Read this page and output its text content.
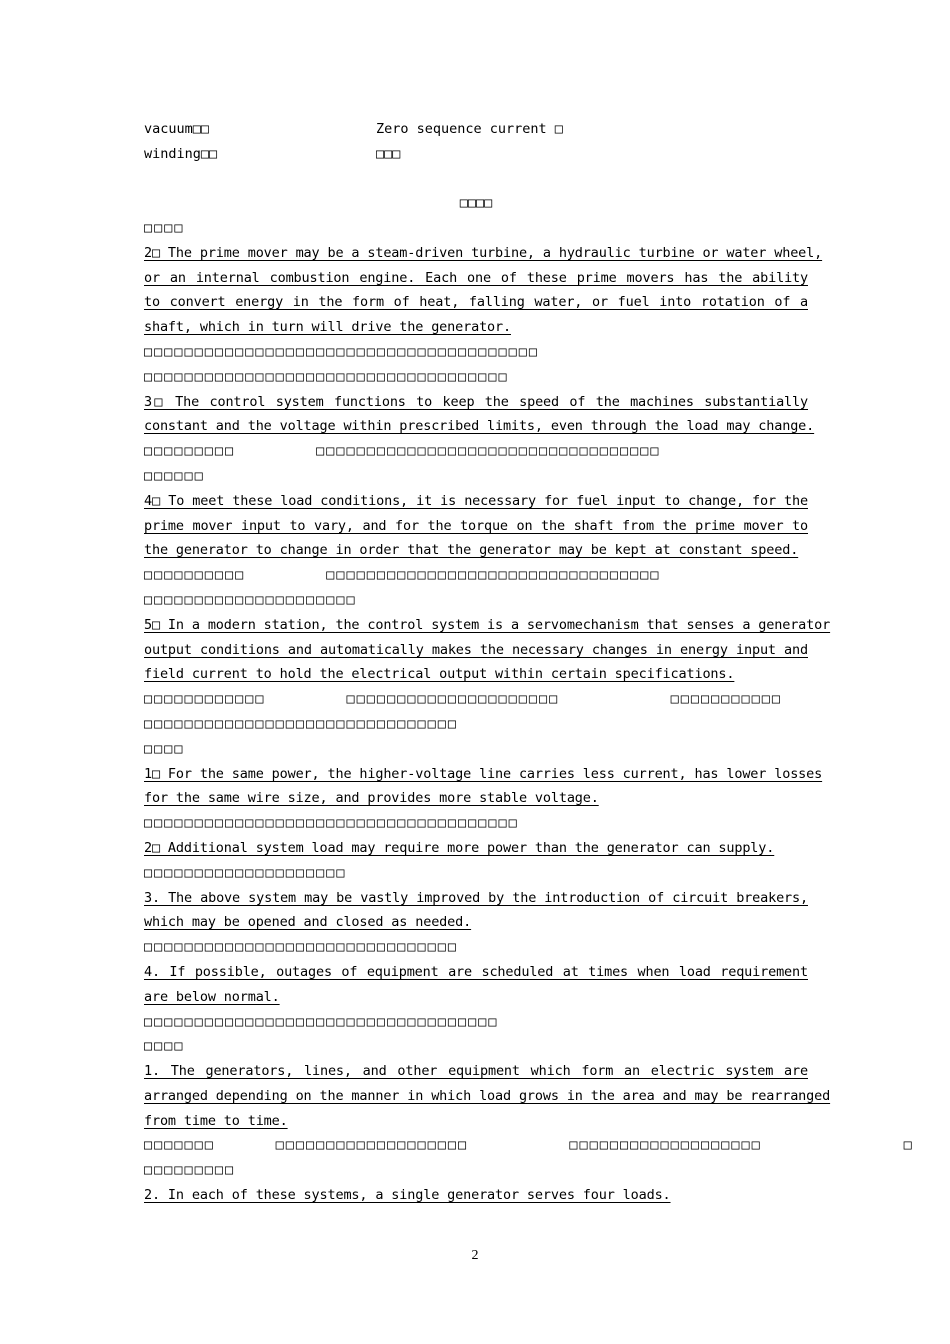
vacuum□□	Zero sequence current □
winding□□	□□□
□□□□
□□□□
2□ The prime mover may be a steam-driven turbine, a hydraulic turbine or water wheel,
or an internal combustion engine. Each one of these prime movers has the ability
to convert energy in the form of heat, falling water, or fuel into rotation of a
shaft, which in turn will drive the generator.
□□□□□□□□□□□□□□□□□□□□□□□□□□□□□□□□□□□□□□□
□□□□□□□□□□□□□□□□□□□□□□□□□□□□□□□□□□□□
3□ The control system functions to keep the speed of the machines substantially
constant and the voltage within prescribed limits, even through the load may change.
□□□□□□□□□        □□□□□□□□□□□□□□□□□□□□□□□□□□□□□□□□□□
□□□□□□
4□ To meet these load conditions, it is necessary for fuel input to change, for the
prime mover input to vary, and for the torque on the shaft from the prime mover to
the generator to change in order that the generator may be kept at constant speed.
□□□□□□□□□□        □□□□□□□□□□□□□□□□□□□□□□□□□□□□□□□□□
□□□□□□□□□□□□□□□□□□□□□
5□ In a modern station, the control system is a servomechanism that senses a generator
output conditions and automatically makes the necessary changes in energy input and
field current to hold the electrical output within certain specifications.
□□□□□□□□□□□□        □□□□□□□□□□□□□□□□□□□□□           □□□□□□□□□□□
□□□□□□□□□□□□□□□□□□□□□□□□□□□□□□□
□□□□
1□ For the same power, the higher-voltage line carries less current, has lower losses
for the same wire size, and provides more stable voltage.
□□□□□□□□□□□□□□□□□□□□□□□□□□□□□□□□□□□□□
2□ Additional system load may require more power than the generator can supply.
□□□□□□□□□□□□□□□□□□□□
3. The above system may be vastly improved by the introduction of circuit breakers,
which may be opened and closed as needed.
□□□□□□□□□□□□□□□□□□□□□□□□□□□□□□□
4. If possible, outages of equipment are scheduled at times when load requirement
are below normal.
□□□□□□□□□□□□□□□□□□□□□□□□□□□□□□□□□□□
□□□□
1. The generators, lines, and other equipment which form an electric system are
arranged depending on the manner in which load grows in the area and may be rearranged
from time to time.
□□□□□□□      □□□□□□□□□□□□□□□□□□□          □□□□□□□□□□□□□□□□□□□              □
□□□□□□□□□
2. In each of these systems, a single generator serves four loads.
2
